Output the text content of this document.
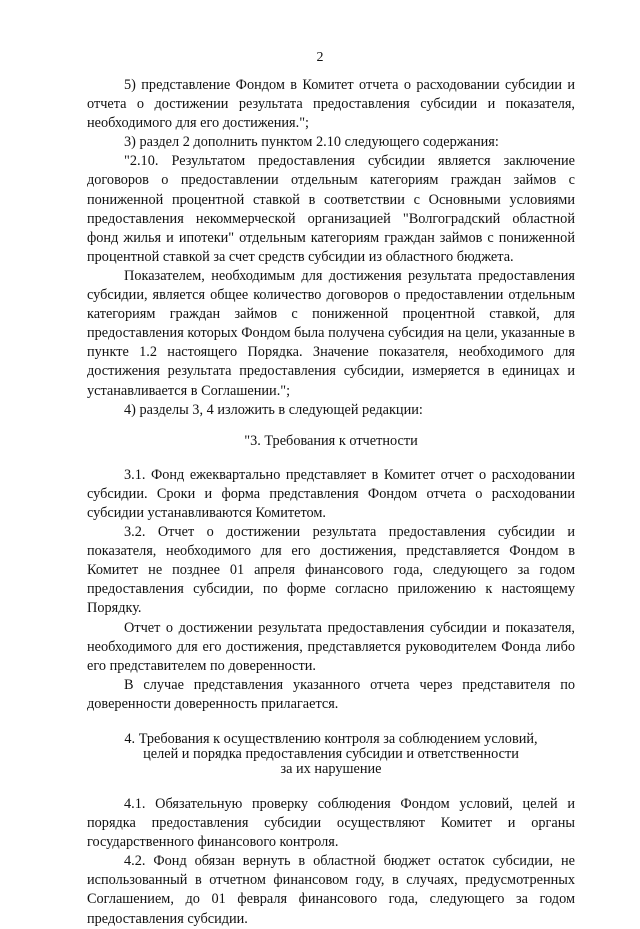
2

5) представление Фондом в Комитет отчета о расходовании субсидии и отчета о достижении результата предоставления субсидии и показателя, необходимого для его достижения.";

3) раздел 2 дополнить пунктом 2.10 следующего содержания:

"2.10. Результатом предоставления субсидии является заключение договоров о предоставлении отдельным категориям граждан займов с пониженной процентной ставкой в соответствии с Основными условиями предоставления некоммерческой организацией "Волгоградский областной фонд жилья и ипотеки" отдельным категориям граждан займов с пониженной процентной ставкой за счет средств субсидии из областного бюджета.

Показателем, необходимым для достижения результата предоставления субсидии, является общее количество договоров о предоставлении отдельным категориям граждан займов с пониженной процентной ставкой, для предоставления которых Фондом была получена субсидия на цели, указанные в пункте 1.2 настоящего Порядка. Значение показателя, необходимого для достижения результата предоставления субсидии, измеряется в единицах и устанавливается в Соглашении.";

4) разделы 3, 4 изложить в следующей редакции:

"3. Требования к отчетности

3.1. Фонд ежеквартально представляет в Комитет отчет о расходовании субсидии. Сроки и форма представления Фондом отчета о расходовании субсидии устанавливаются Комитетом.

3.2. Отчет о достижении результата предоставления субсидии и показателя, необходимого для его достижения, представляется Фондом в Комитет не позднее 01 апреля финансового года, следующего за годом предоставления субсидии, по форме согласно приложению к настоящему Порядку.

Отчет о достижении результата предоставления субсидии и показателя, необходимого для его достижения, представляется руководителем Фонда либо его представителем по доверенности.

В случае представления указанного отчета через представителя по доверенности доверенность прилагается.

4. Требования к осуществлению контроля за соблюдением условий,
целей и порядка предоставления субсидии и ответственности
за их нарушение

4.1. Обязательную проверку соблюдения Фондом условий, целей и порядка предоставления субсидии осуществляют Комитет и органы государственного финансового контроля.

4.2. Фонд обязан вернуть в областной бюджет остаток субсидии, не использованный в отчетном финансовом году, в случаях, предусмотренных Соглашением, до 01 февраля финансового года, следующего за годом предоставления субсидии.
